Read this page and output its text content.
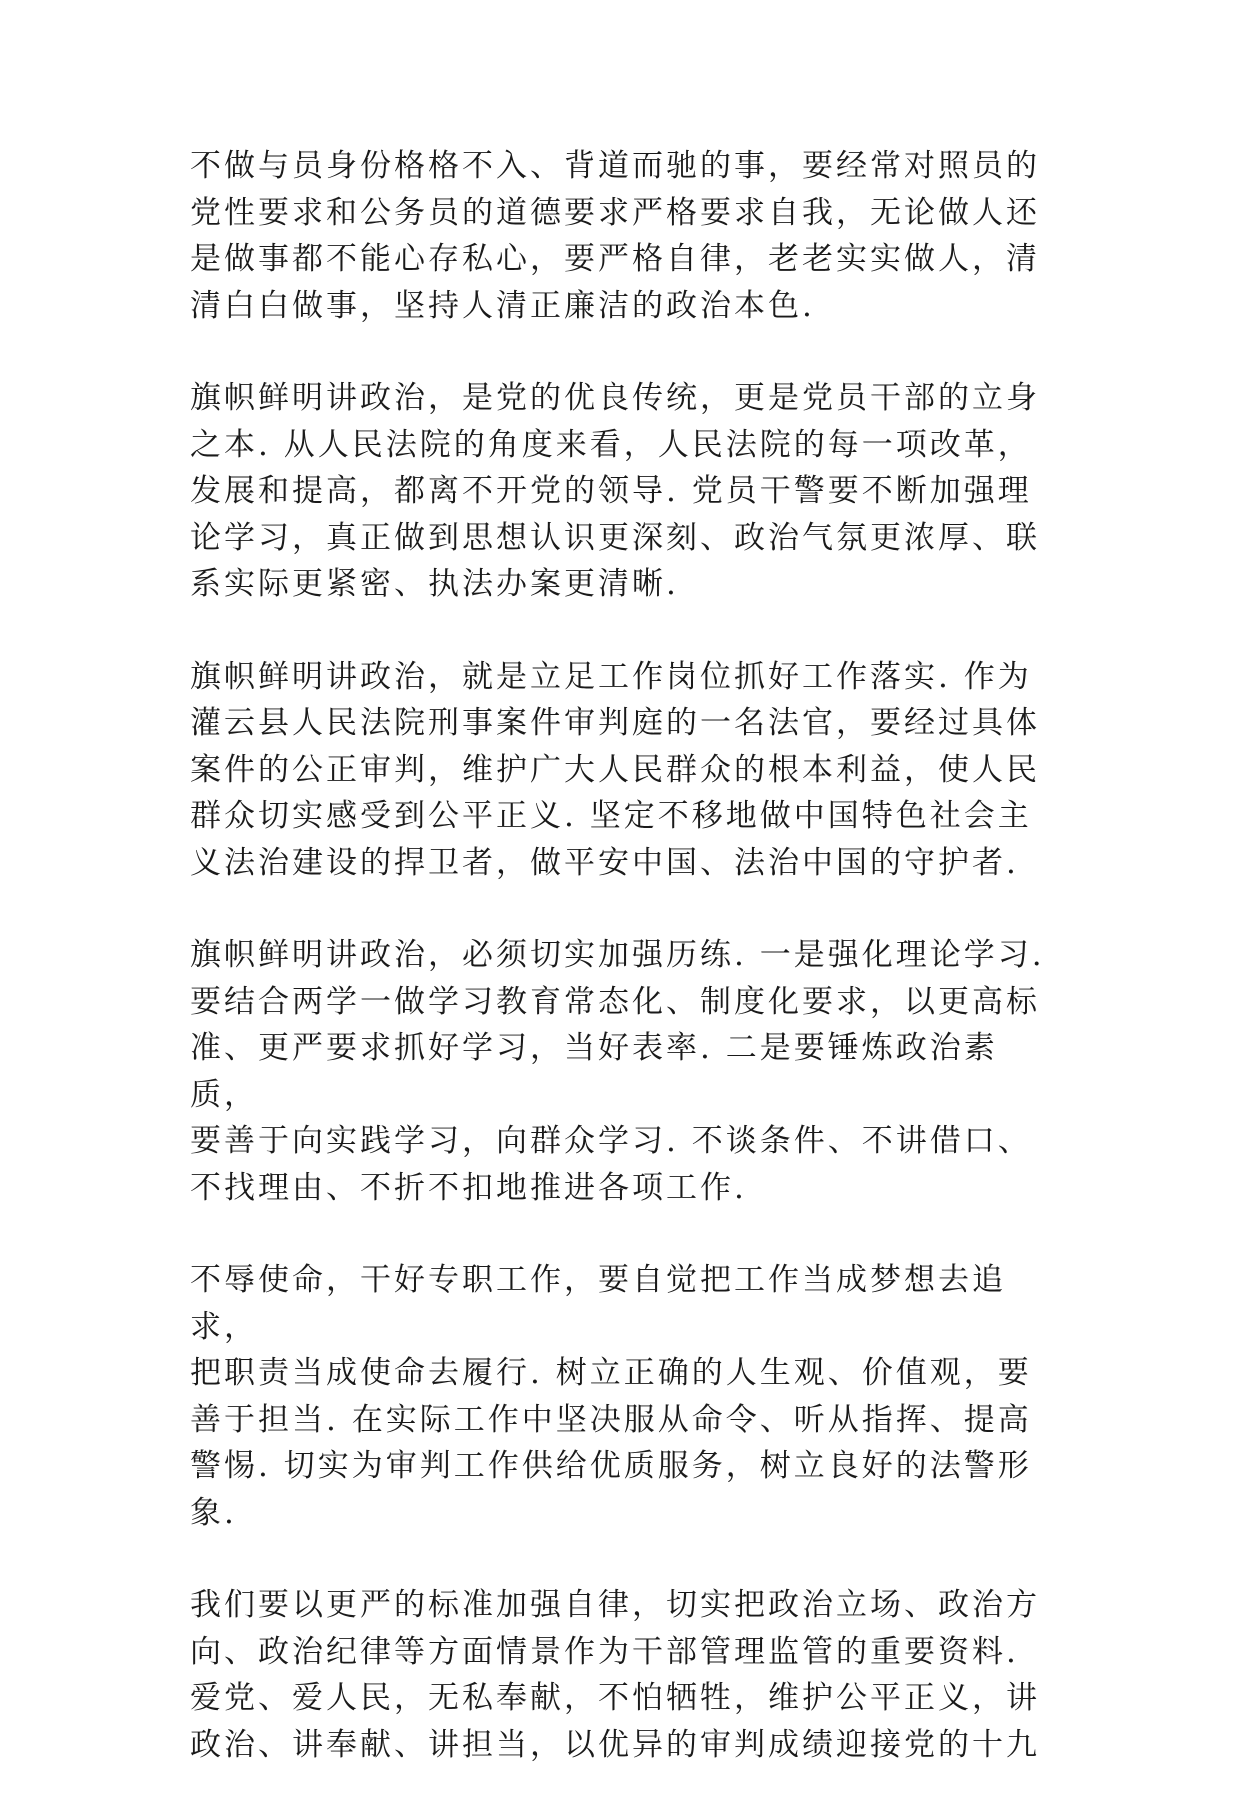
不做与员身份格格不入、背道而驰的事，要经常对照员的
党性要求和公务员的道德要求严格要求自我，无论做人还
是做事都不能心存私心，要严格自律，老老实实做人，清
清白白做事，坚持人清正廉洁的政治本色.

旗帜鲜明讲政治，是党的优良传统，更是党员干部的立身
之本. 从人民法院的角度来看，人民法院的每一项改革，
发展和提高，都离不开党的领导. 党员干警要不断加强理
论学习，真正做到思想认识更深刻、政治气氛更浓厚、联
系实际更紧密、执法办案更清晰.

旗帜鲜明讲政治，就是立足工作岗位抓好工作落实. 作为
灌云县人民法院刑事案件审判庭的一名法官，要经过具体
案件的公正审判，维护广大人民群众的根本利益，使人民
群众切实感受到公平正义. 坚定不移地做中国特色社会主
义法治建设的捍卫者，做平安中国、法治中国的守护者.

旗帜鲜明讲政治，必须切实加强历练. 一是强化理论学习.
要结合两学一做学习教育常态化、制度化要求，以更高标
准、更严要求抓好学习，当好表率. 二是要锤炼政治素质，
要善于向实践学习，向群众学习. 不谈条件、不讲借口、
不找理由、不折不扣地推进各项工作.

不辱使命，干好专职工作，要自觉把工作当成梦想去追求，
把职责当成使命去履行. 树立正确的人生观、价值观，要
善于担当. 在实际工作中坚决服从命令、听从指挥、提高
警惕. 切实为审判工作供给优质服务，树立良好的法警形
象.

我们要以更严的标准加强自律，切实把政治立场、政治方
向、政治纪律等方面情景作为干部管理监管的重要资料.
爱党、爱人民，无私奉献，不怕牺牲，维护公平正义，讲
政治、讲奉献、讲担当，以优异的审判成绩迎接党的十九
